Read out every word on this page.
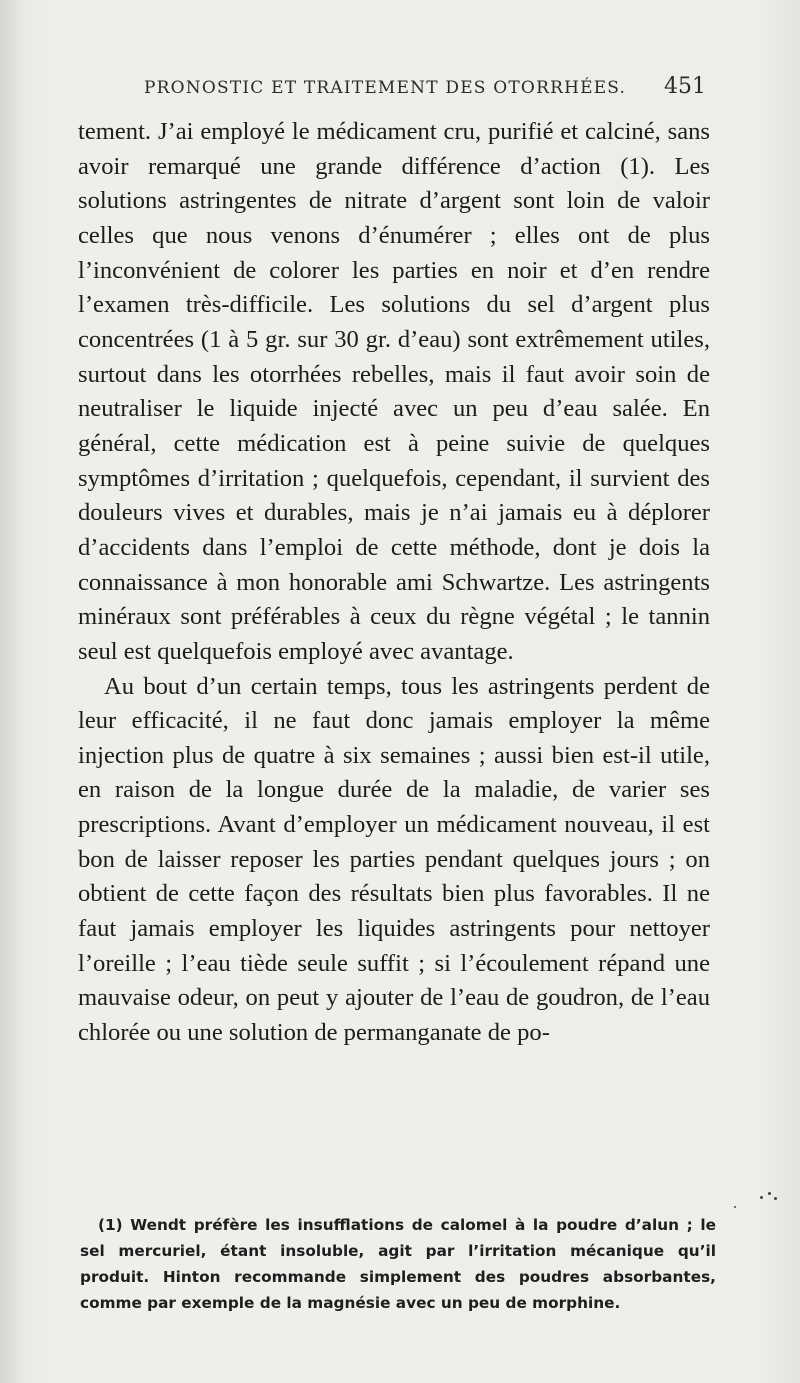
PRONOSTIC ET TRAITEMENT DES OTORRHÉES. 451

tement. J’ai employé le médicament cru, purifié et calciné, sans avoir remarqué une grande différence d’action (1). Les solutions astringentes de nitrate d’argent sont loin de valoir celles que nous venons d’énumérer ; elles ont de plus l’inconvénient de colorer les parties en noir et d’en rendre l’examen très-difficile. Les solutions du sel d’argent plus concentrées (1 à 5 gr. sur 30 gr. d’eau) sont extrêmement utiles, surtout dans les otorrhées rebelles, mais il faut avoir soin de neutraliser le liquide injecté avec un peu d’eau salée. En général, cette médication est à peine suivie de quelques symptômes d’irritation ; quelquefois, cependant, il survient des douleurs vives et durables, mais je n’ai jamais eu à déplorer d’accidents dans l’emploi de cette méthode, dont je dois la connaissance à mon honorable ami Schwartze. Les astringents minéraux sont préférables à ceux du règne végétal ; le tannin seul est quelquefois employé avec avantage.

Au bout d’un certain temps, tous les astringents perdent de leur efficacité, il ne faut donc jamais employer la même injection plus de quatre à six semaines ; aussi bien est-il utile, en raison de la longue durée de la maladie, de varier ses prescriptions. Avant d’employer un médicament nouveau, il est bon de laisser reposer les parties pendant quelques jours ; on obtient de cette façon des résultats bien plus favorables. Il ne faut jamais employer les liquides astringents pour nettoyer l’oreille ; l’eau tiède seule suffit ; si l’écoulement répand une mauvaise odeur, on peut y ajouter de l’eau de goudron, de l’eau chlorée ou une solution de permanganate de po-

(1) Wendt préfère les insufflations de calomel à la poudre d’alun ; le sel mercuriel, étant insoluble, agit par l’irritation mécanique qu’il produit. Hinton recommande simplement des poudres absorbantes, comme par exemple de la magnésie avec un peu de morphine.
